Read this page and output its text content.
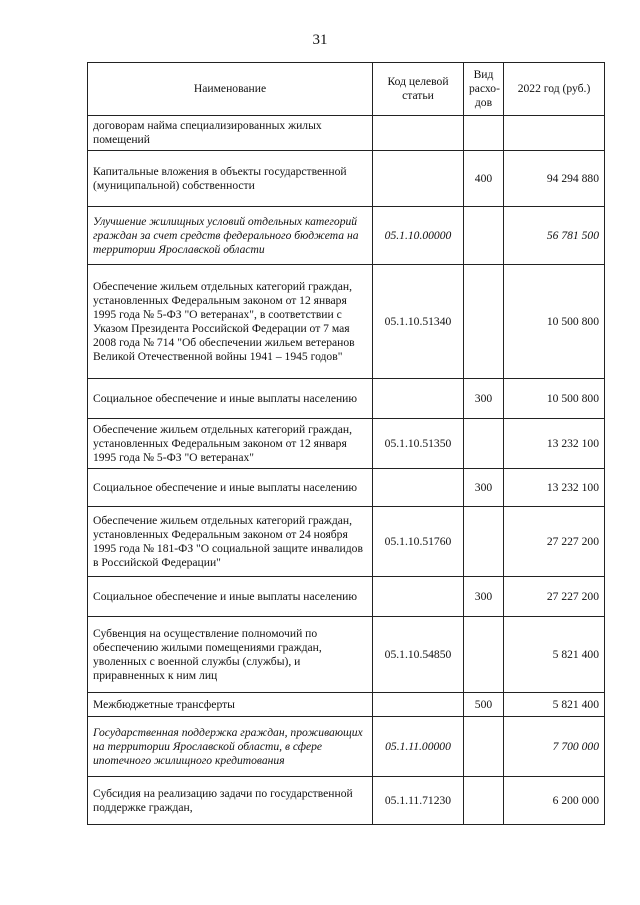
31
Наименование	Код целевой статьи	Вид расхо-дов	2022 год (руб.)
договорам найма специализированных жилых помещений			
Капитальные вложения в объекты государственной (муниципальной) собственности		400	94 294 880
Улучшение жилищных условий отдельных категорий граждан за счет средств федерального бюджета на территории Ярославской области	05.1.10.00000		56 781 500
Обеспечение жильем отдельных категорий граждан, установленных Федеральным законом от 12 января 1995 года № 5-ФЗ "О ветеранах", в соответствии с Указом Президента Российской Федерации от 7 мая 2008 года № 714 "Об обеспечении жильем ветеранов Великой Отечественной войны 1941 – 1945 годов"	05.1.10.51340		10 500 800
Социальное обеспечение и иные выплаты населению		300	10 500 800
Обеспечение жильем отдельных категорий граждан, установленных Федеральным законом от 12 января 1995 года № 5-ФЗ "О ветеранах"	05.1.10.51350		13 232 100
Социальное обеспечение и иные выплаты населению		300	13 232 100
Обеспечение жильем отдельных категорий граждан, установленных Федеральным законом от 24 ноября 1995 года № 181-ФЗ "О социальной защите инвалидов в Российской Федерации"	05.1.10.51760		27 227 200
Социальное обеспечение и иные выплаты населению		300	27 227 200
Субвенция на осуществление полномочий по обеспечению жилыми помещениями граждан, уволенных с военной службы (службы), и приравненных к ним лиц	05.1.10.54850		5 821 400
Межбюджетные трансферты		500	5 821 400
Государственная поддержка граждан, проживающих на территории Ярославской области, в сфере ипотечного жилищного кредитования	05.1.11.00000		7 700 000
Субсидия на реализацию задачи по государственной поддержке граждан,	05.1.11.71230		6 200 000
